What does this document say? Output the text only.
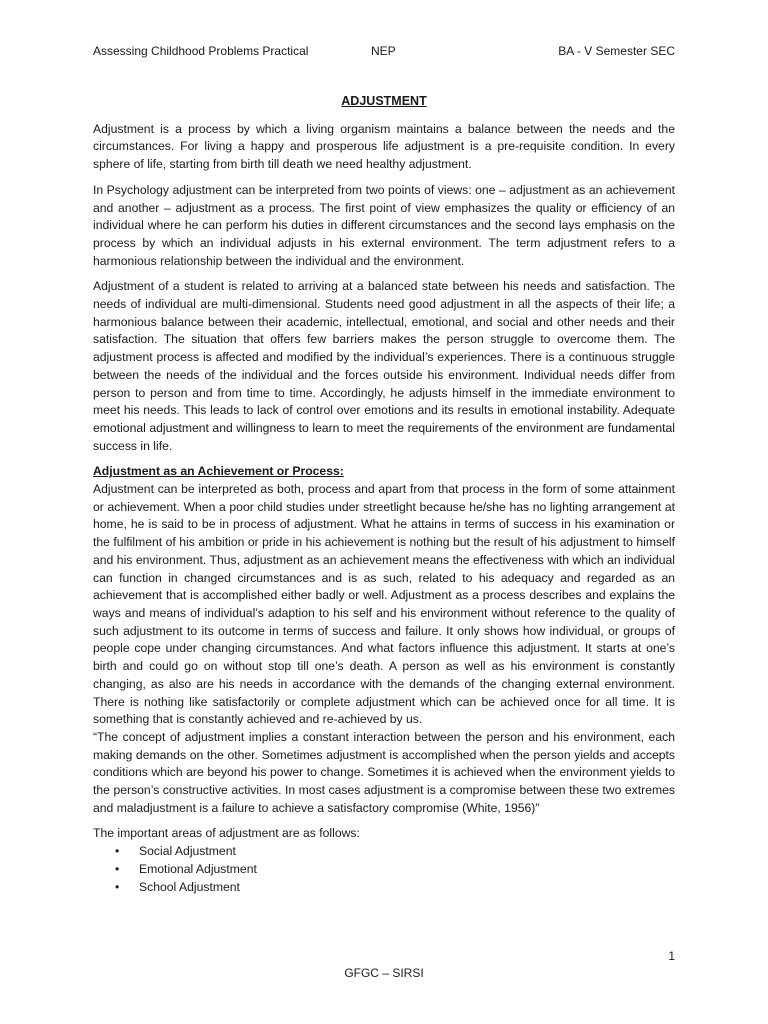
Assessing Childhood Problems Practical	NEP	BA - V Semester SEC
ADJUSTMENT

Adjustment is a process by which a living organism maintains a balance between the needs and the circumstances. For living a happy and prosperous life adjustment is a pre-requisite condition. In every sphere of life, starting from birth till death we need healthy adjustment.

In Psychology adjustment can be interpreted from two points of views: one – adjustment as an achievement and another – adjustment as a process. The first point of view emphasizes the quality or efficiency of an individual where he can perform his duties in different circumstances and the second lays emphasis on the process by which an individual adjusts in his external environment. The term adjustment refers to a harmonious relationship between the individual and the environment.

Adjustment of a student is related to arriving at a balanced state between his needs and satisfaction. The needs of individual are multi-dimensional. Students need good adjustment in all the aspects of their life; a harmonious balance between their academic, intellectual, emotional, and social and other needs and their satisfaction. The situation that offers few barriers makes the person struggle to overcome them. The adjustment process is affected and modified by the individual’s experiences. There is a continuous struggle between the needs of the individual and the forces outside his environment. Individual needs differ from person to person and from time to time. Accordingly, he adjusts himself in the immediate environment to meet his needs. This leads to lack of control over emotions and its results in emotional instability. Adequate emotional adjustment and willingness to learn to meet the requirements of the environment are fundamental success in life.

Adjustment as an Achievement or Process:

Adjustment can be interpreted as both, process and apart from that process in the form of some attainment or achievement. When a poor child studies under streetlight because he/she has no lighting arrangement at home, he is said to be in process of adjustment. What he attains in terms of success in his examination or the fulfilment of his ambition or pride in his achievement is nothing but the result of his adjustment to himself and his environment. Thus, adjustment as an achievement means the effectiveness with which an individual can function in changed circumstances and is as such, related to his adequacy and regarded as an achievement that is accomplished either badly or well. Adjustment as a process describes and explains the ways and means of individual’s adaption to his self and his environment without reference to the quality of such adjustment to its outcome in terms of success and failure. It only shows how individual, or groups of people cope under changing circumstances. And what factors influence this adjustment. It starts at one’s birth and could go on without stop till one’s death. A person as well as his environment is constantly changing, as also are his needs in accordance with the demands of the changing external environment. There is nothing like satisfactorily or complete adjustment which can be achieved once for all time. It is something that is constantly achieved and re-achieved by us.

“The concept of adjustment implies a constant interaction between the person and his environment, each making demands on the other. Sometimes adjustment is accomplished when the person yields and accepts conditions which are beyond his power to change. Sometimes it is achieved when the environment yields to the person’s constructive activities. In most cases adjustment is a compromise between these two extremes and maladjustment is a failure to achieve a satisfactory compromise (White, 1956)”

The important areas of adjustment are as follows:

• Social Adjustment
• Emotional Adjustment
• School Adjustment
1
GFGC – SIRSI
